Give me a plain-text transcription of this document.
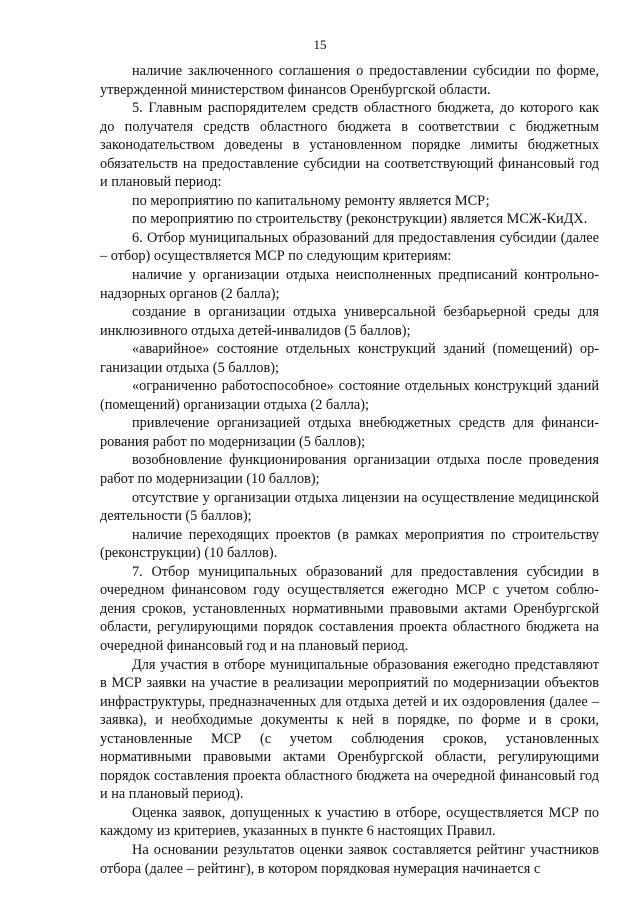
15

наличие заключенного соглашения о предоставлении субсидии по форме, утвержденной министерством финансов Оренбургской области.

5. Главным распорядителем средств областного бюджета, до которого как до получателя средств областного бюджета в соответствии с бюджетным законодательством доведены в установленном порядке лимиты бюджетных обязательств на предоставление субсидии на соответствующий финансовый год и плановый период:

по мероприятию по капитальному ремонту является МСР;

по мероприятию по строительству (реконструкции) является МСЖ-КиДХ.

6. Отбор муниципальных образований для предоставления субсидии (далее – отбор) осуществляется МСР по следующим критериям:

наличие у организации отдыха неисполненных предписаний контрольно-надзорных органов (2 балла);

создание в организации отдыха универсальной безбарьерной среды для инклюзивного отдыха детей-инвалидов (5 баллов);

«аварийное» состояние отдельных конструкций зданий (помещений) организации отдыха (5 баллов);

«ограниченно работоспособное» состояние отдельных конструкций зданий (помещений) организации отдыха (2 балла);

привлечение организацией отдыха внебюджетных средств для финансирования работ по модернизации (5 баллов);

возобновление функционирования организации отдыха после проведения работ по модернизации (10 баллов);

отсутствие у организации отдыха лицензии на осуществление медицинской деятельности (5 баллов);

наличие переходящих проектов (в рамках мероприятия по строительству (реконструкции) (10 баллов).

7. Отбор муниципальных образований для предоставления субсидии в очередном финансовом году осуществляется ежегодно МСР с учетом соблюдения сроков, установленных нормативными правовыми актами Оренбургской области, регулирующими порядок составления проекта областного бюджета на очередной финансовый год и на плановый период.

Для участия в отборе муниципальные образования ежегодно представляют в МСР заявки на участие в реализации мероприятий по модернизации объектов инфраструктуры, предназначенных для отдыха детей и их оздоровления (далее – заявка), и необходимые документы к ней в порядке, по форме и в сроки, установленные МСР (с учетом соблюдения сроков, установленных нормативными правовыми актами Оренбургской области, регулирующими порядок составления проекта областного бюджета на очередной финансовый год и на плановый период).

Оценка заявок, допущенных к участию в отборе, осуществляется МСР по каждому из критериев, указанных в пункте 6 настоящих Правил.

На основании результатов оценки заявок составляется рейтинг участников отбора (далее – рейтинг), в котором порядковая нумерация начинается с
